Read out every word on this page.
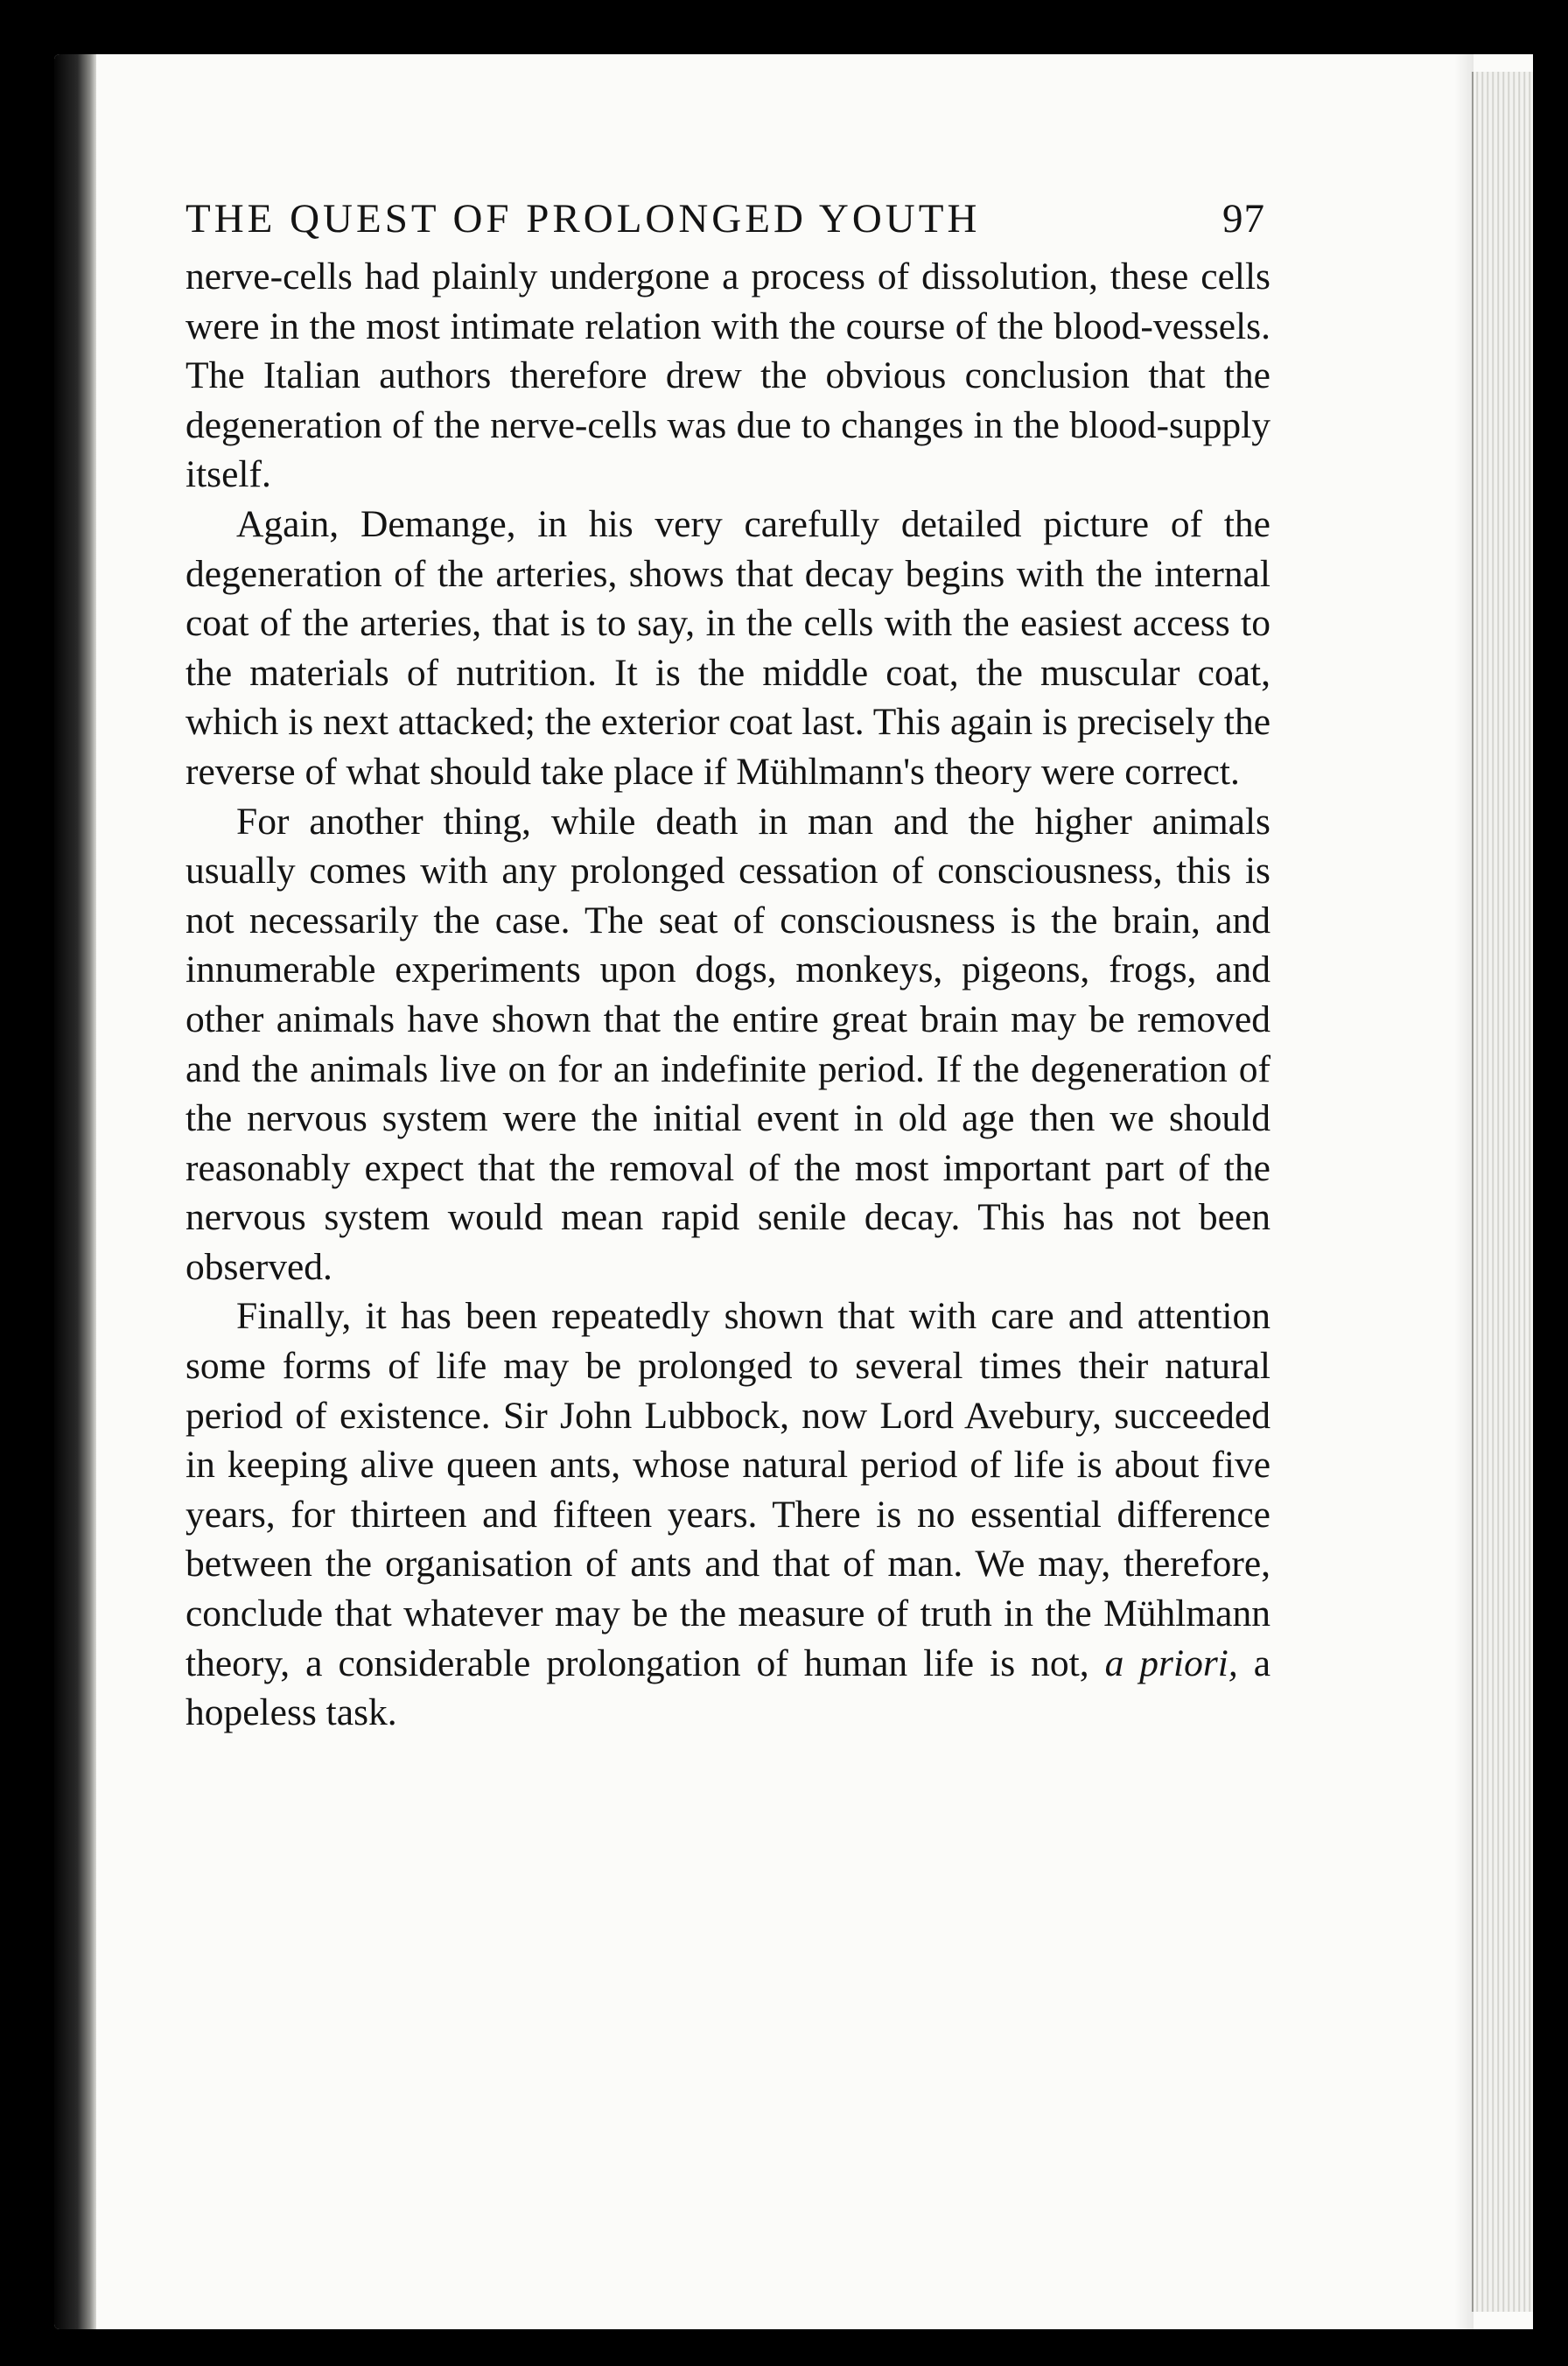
THE QUEST OF PROLONGED YOUTH	97

nerve-cells had plainly undergone a process of dissolution, these cells were in the most intimate relation with the course of the blood-vessels. The Italian authors therefore drew the obvious conclusion that the degeneration of the nerve-cells was due to changes in the blood-supply itself.

Again, Demange, in his very carefully detailed picture of the degeneration of the arteries, shows that decay begins with the internal coat of the arteries, that is to say, in the cells with the easiest access to the materials of nutrition. It is the middle coat, the muscular coat, which is next attacked; the exterior coat last. This again is precisely the reverse of what should take place if Mühlmann's theory were correct.

For another thing, while death in man and the higher animals usually comes with any prolonged cessation of consciousness, this is not necessarily the case. The seat of consciousness is the brain, and innumerable experiments upon dogs, monkeys, pigeons, frogs, and other animals have shown that the entire great brain may be removed and the animals live on for an indefinite period. If the degeneration of the nervous system were the initial event in old age then we should reasonably expect that the removal of the most important part of the nervous system would mean rapid senile decay. This has not been observed.

Finally, it has been repeatedly shown that with care and attention some forms of life may be prolonged to several times their natural period of existence. Sir John Lubbock, now Lord Avebury, succeeded in keeping alive queen ants, whose natural period of life is about five years, for thirteen and fifteen years. There is no essential difference between the organisation of ants and that of man. We may, therefore, conclude that whatever may be the measure of truth in the Mühlmann theory, a considerable prolongation of human life is not, a priori, a hopeless task.
